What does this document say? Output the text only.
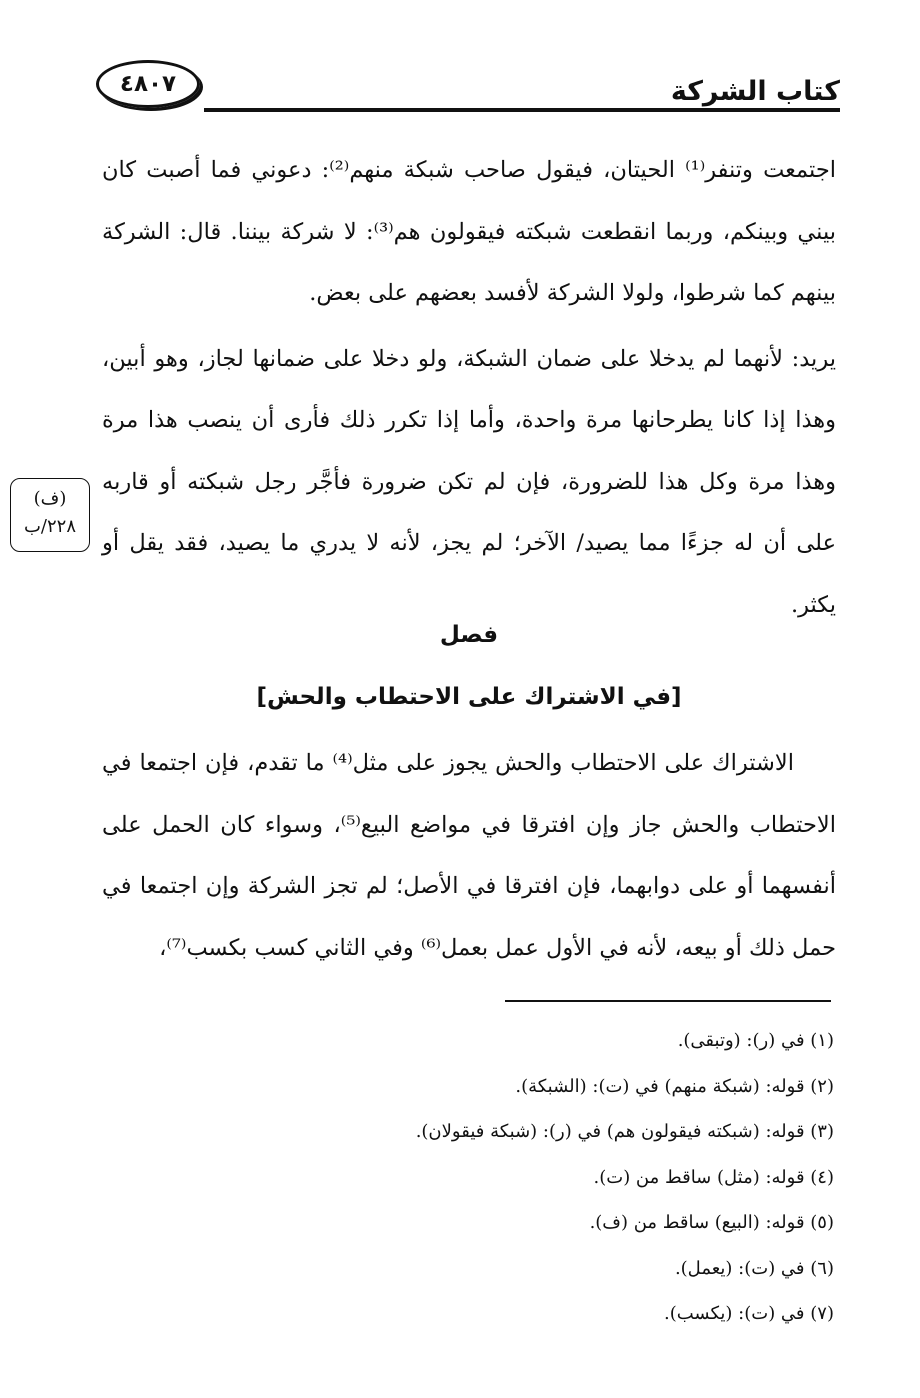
كتاب الشركة
٤٨٠٧

اجتمعت وتنفر⁽¹⁾ الحيتان، فيقول صاحب شبكة منهم⁽²⁾: دعوني فما أصبت كان بيني وبينكم، وربما انقطعت شبكته فيقولون هم⁽³⁾: لا شركة بيننا. قال: الشركة بينهم كما شرطوا، ولولا الشركة لأفسد بعضهم على بعض.

يريد: لأنهما لم يدخلا على ضمان الشبكة، ولو دخلا على ضمانها لجاز، وهو أبين، وهذا إذا كانا يطرحانها مرة واحدة، وأما إذا تكرر ذلك فأرى أن ينصب هذا مرة وهذا مرة وكل هذا للضرورة، فإن لم تكن ضرورة فأجَّر رجل شبكته أو قاربه على أن له جزءًا مما يصيد/ الآخر؛ لم يجز، لأنه لا يدري ما يصيد، فقد يقل أو يكثر.

(ف)
٢٢٨/ب
فصل
[في الاشتراك على الاحتطاب والحش]

الاشتراك على الاحتطاب والحش يجوز على مثل⁽⁴⁾ ما تقدم، فإن اجتمعا في الاحتطاب والحش جاز وإن افترقا في مواضع البيع⁽⁵⁾، وسواء كان الحمل على أنفسهما أو على دوابهما، فإن افترقا في الأصل؛ لم تجز الشركة وإن اجتمعا في حمل ذلك أو بيعه، لأنه في الأول عمل بعمل⁽⁶⁾ وفي الثاني كسب بكسب⁽⁷⁾،

(١) في (ر): (وتبقى).
(٢) قوله: (شبكة منهم) في (ت): (الشبكة).
(٣) قوله: (شبكته فيقولون هم) في (ر): (شبكة فيقولان).
(٤) قوله: (مثل) ساقط من (ت).
(٥) قوله: (البيع) ساقط من (ف).
(٦) في (ت): (يعمل).
(٧) في (ت): (يكسب).
